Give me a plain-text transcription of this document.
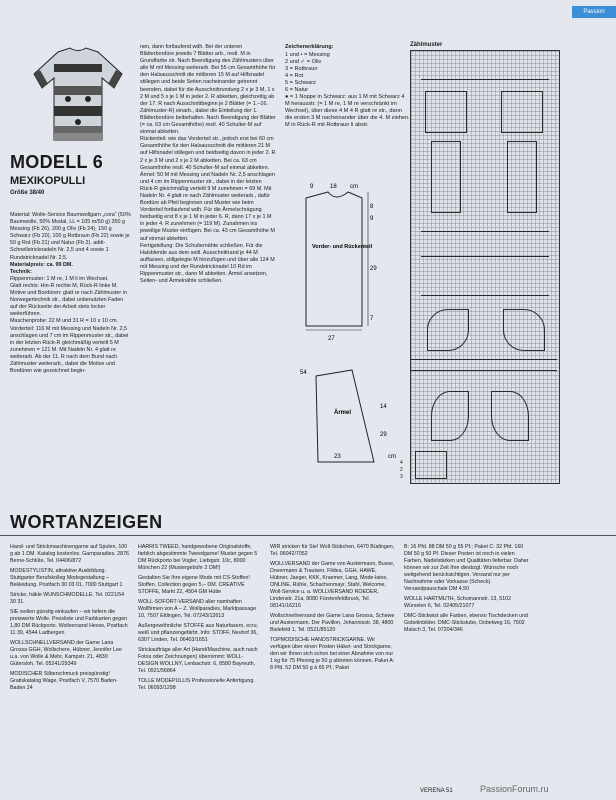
Passion
MODELL 6
MEXIKOPULLI
Größe 38/40

Material: Wolle-Service Baumwollgarn „cora“ (50% Baumwolle, 50% Modal, LL = 105 m/50 g) 350 g Messing (Fb 26), 200 g Oliv (Fb 24), 150 g Schwarz (Fb 20), 100 g Rotbraun (Fb 22) sowie je 50 g Rot (Fb 21) und Natur (Fb 2). addi-Schnellstricknadeln Nr. 2,5 und 4 sowie 1 Rundstricknadel Nr. 2,5.

Materialpreis: ca. 99 DM.

Technik:

Rippenmuster: 1 M re, 1 M li im Wechsel.

Glatt rechts: Hin-R rechte M, Rück-R linke M.

Motive und Bordüren: glatt re nach Zählmuster in Norwegertechnik str., dabei unbenutzten Faden auf der Rückseite der Arbeit stets locker weiterführen.

Maschenprobe: 22 M und 31 R = 10 x 10 cm.

Vorderteil: 116 M mit Messing und Nadeln Nr. 2,5 anschlagen und 7 cm im Rippenmuster str., dabei in der letzten Rück-R gleichmäßig verteilt 5 M zunehmen = 121 M. Mit Nadeln Nr. 4 glatt re weiterarb. Ab der 11. R nach dem Bund nach Zählmuster weiterarb., dabei die Motive und Bordüren wie gezeichnet begin-

nen, dann fortlaufend wdh. Bei der unteren Blätterbordüre jeweils 7 Blätter arb., restl. M in Grundfarbe str. Nach Beendigung des Zählmusters über alle M mit Messing weiterarb. Bei 55 cm Gesamthöhe für den Halsausschnitt die mittleren 15 M auf Hilfsnadel stillegen und beide Seiten nacheinander getrennt beenden, dabei für die Ausschnittrundung 2 x je 3 M, 1 x 2 M und 5 x je 1 M in jeder 2. R abketten, gleichzeitig ab der 17. R nach Ausschnittbeginn je 2 Blätter (= 1.–16. Zählmuster-R) einarb., dabei die Einteilung der 1. Blätterbordüre beibehalten. Nach Beendigung der Blätter (= ca. 63 cm Gesamthöhe) restl. 40 Schulter-M auf einmal abketten.

Rückenteil: wie das Vorderteil str., jedoch erst bei 60 cm Gesamthöhe für den Halsausschnitt die mittleren 21 M auf Hilfsnadel stillegen und beidseitig davon in jeder 2. R 2 x je 3 M und 2 x je 2 M abketten. Bei ca. 63 cm Gesamthöhe restl. 40 Schulter-M auf einmal abketten.

Ärmel: 50 M mit Messing und Nadeln Nr. 2,5 anschlagen und 4 cm im Rippenmuster str., dabei in der letzten Rück-R gleichmäßig verteilt 9 M zunehmen = 69 M. Mit Nadeln Nr. 4 glatt re nach Zählmuster weiterarb., dafür Bordüre ab Pfeil beginnen und Muster wie beim Vorderteil fortlaufend wdh. Für die Ärmelschrägung beidseitig erst 8 x je 1 M in jeder 6. R, dann 17 x je 1 M in jeder 4. R zunehmen (= 119 M). Zunahmen ins jeweilige Muster einfügen. Bei ca. 43 cm Gesamthöhe M auf einmal abketten.

Fertigstellung: Die Schulternähte schließen. Für die Halsblende aus dem seitl. Ausschnittrand je 44 M auffassen, stillgelegte M hinzufügen und über alle 124 M mit Messing und der Rundstricknadel 10 Rd im Rippenmuster str., dann M abketten. Ärmel ansetzen, Seiten- und Ärmelnähte schließen.

Zeichenerklärung:
1 und • = Messing
2 und ✓ = Oliv
3 = Rotbraun
4 = Rot
5 = Schwarz
6 = Natur
● = 1 Noppe in Schwarz: aus 1 M mit Schwarz 4 M herausstr. (= 1 M re, 1 M re verschränkt im Wechsel), über diese 4 M 4 R glatt re str., dann die ersten 3 M nacheinander über die 4. M ziehen. M in Rück-R mit Rotbraun li abstr.
9	18 cm
8
9
Vorder- und Rückenteil
29
7
27
54
Ärmel
14
29
23	cm
Zählmuster
4
2
3
WORTANZEIGEN

Hand- und Strickmaschinengarne auf Spulen, 100 g ab 1 DM. Katalog kostenlos. Garnparadies, 2876 Berne-Schlüte, Tel. 04406/872

MODESTYLISTIN, attraktive Ausbildung. Stuttgarter Berufskolleg Modegestaltung – Bekleidung. Postfach 30 03 01, 7000 Stuttgart 1

Stricke, häkle WUNSCHMODELLE. Tel. 0221/54 30 31.

SIE wollen günstig einkaufen – wir liefern die preiswerte Wolle. Preisliste und Farbkarten gegen 1,80 DM Rückporto. Wollversand Hesse, Postfach 11 39, 4544 Ladbergen

WOLLSCHNELLVERSAND der Garne Lana Grossa GGH, Wollschere, Hübner, Jennifer Lee u.a. von Wolle & Mehr, Kampstr. 21, 4830 Gütersloh, Tel. 05241/29349

MODISCHER Silberschmuck preisgünstig! Gratiskatalog Wage, Postfach V, 7570 Baden-Baden 24

HARRIS TWEED, handgewobene Originalstoffe, farblich abgestimmte Tweedgarne! Muster gegen 5 DM Rückporto bei Vogler, Liebigstr. 10c, 8000 München 22 (Mustergebühr 2 DM!)

Gestalten Sie Ihre eigene Mode mit CS-Stoffen! Stoffen. Collection gegen 5,– DM. CREATIVE STOFFE, Markt 22, 4504 GM Hütte

WOLL-SOFORT-VERSAND aller namhaften Wollfirmen von A – Z. Wollparadies, Marktpassage 10, 7507 Ettlingen, Tel. 07243/12613

Außergewöhnliche STOFFE aus Naturfasern, ecru, weiß und pflanzengefärbt. Info: STOFF, Neuhof 36, 6307 Linden, Tel. 06403/1651

Strickaufträge aller Art (Hand/Maschine, auch nach Fotos oder Zeichnungen) übernimmt: WOLL-DESIGN WOLLNY, Lenbachstr. 6, 8580 Bayreuth, Tel. 0921/56864

TOLLE MODEPULLIS Professionelle Anfertigung. Tel. 06093/1298

WIR stricken für Sie! Woll-Stübchen, 6470 Büdingen, Tel. 06042/7052

WOLLVERSAND der Garne von Austermann, Busse, Dovermann & Trauisen, Fildea, GGH, HAWE, Hübner, Jaeger, KKK, Kraemer, Lang, Mode-laine, ONLINE, Rühle, Schachenmayr, Stahl, Welcome, Woll-Service u. a. WOLLVERSAND ROEDER, Lindenstr. 21a, 8080 Fürstenfeldbruck, Tel. 08141/16216

Wollschnellversand der Garne Lana Grossa, Schewe und Austermann. Der Pavillon, Johannisstr. 38, 4800 Bielefeld 1, Tel. 0521/85120

TOPMODISCHE HANDSTRICKGARNE. Wir verfügen über einen Posten Häkel- und Strickgarne, den wir Ihnen sich schon bei einer Abnahme von nur 1 kg für 75 Pfennig je 50 g abtreten können. Paket A: 8 Pfd. 52 DM 50 g à 65 Pf.; Paket

B: 16 Pfd. 88 DM 50 g 55 Pf.; Paket C: 32 Pfd. 160 DM 50 g 50 Pf. Dieser Posten ist noch in vielen Farben, Nadelstärken und Qualitäten lieferbar. Daher können wir zur Zeit Ihre diesbzgl. Wünsche noch weitgehend berücksichtigen. Versand nur per Nachnahme oder Vorkasse (Scheck). Versandpauschale DM 4,50

WOLLE HARTMUTH, Schumannstr. 13, 5102 Würselen 6, Tel. 02405/21077

DMC-Stickwist alle Farben, ebenso Tischdecken und Gobelinbilder. DMC-Stickstube, Dobelweg 16, 7502 Malsch 3, Tel. 07204/346

PassionForum.ru
VERENA 51
